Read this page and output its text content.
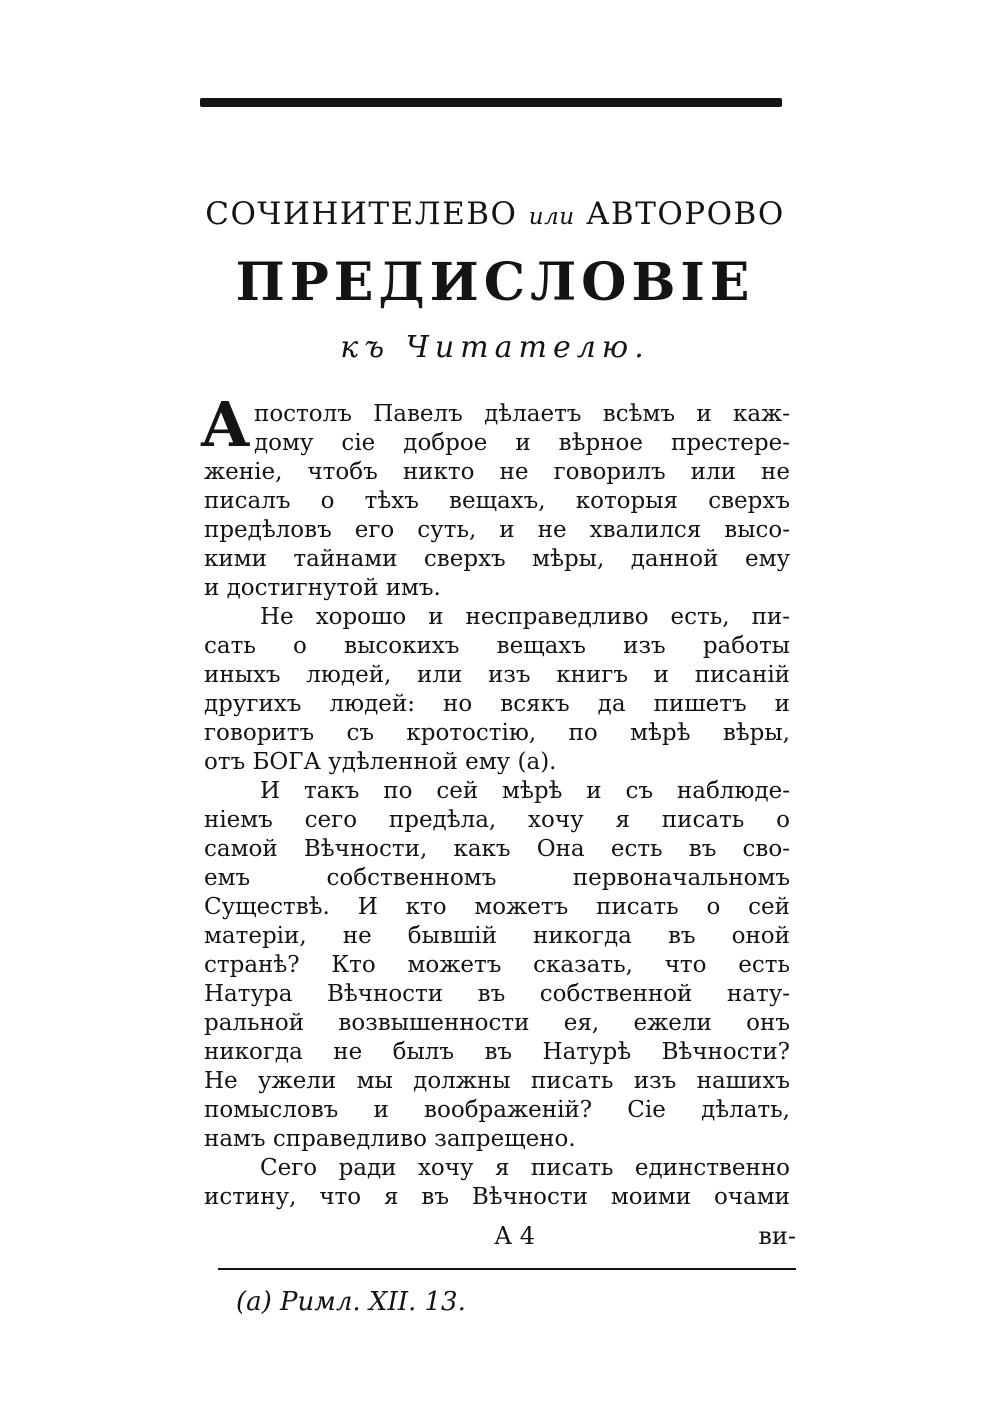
СОЧИНИТЕЛЕВО или АВТОРОВО
ПРЕДИСЛОВІЕ
къ Читателю.
А постолъ Павелъ дѣлаетъ всѣмъ и каж-
дому сіе доброе и вѣрное престере-
женіе, чтобъ никто не говорилъ или не
писалъ о тѣхъ вещахъ, которыя сверхъ
предѣловъ его суть, и не хвалился высо-
кими тайнами сверхъ мѣры, данной ему
и достигнутой имъ.
Не хорошо и несправедливо есть, пи-
сать о высокихъ вещахъ изъ работы
иныхъ людей, или изъ книгъ и писаній
другихъ людей: но всякъ да пишетъ и
говоритъ съ кротостію, по мѣрѣ вѣры,
отъ БОГА удѣленной ему (а).
И такъ по сей мѣрѣ и съ наблюде-
ніемъ сего предѣла, хочу я писать о
самой Вѣчности, какъ Она есть въ сво-
емъ собственномъ первоначальномъ
Существѣ. И кто можетъ писать о сей
матеріи, не бывшій никогда въ оной
странѣ? Кто можетъ сказать, что есть
Натура Вѣчности въ собственной нату-
ральной возвышенности ея, ежели онъ
никогда не былъ въ Натурѣ Вѣчности?
Не ужели мы должны писать изъ нашихъ
помысловъ и воображеній? Сіе дѣлать,
намъ справедливо запрещено.
Сего ради хочу я писать единственно
истину, что я въ Вѣчности моими очами
А 4	ви-
(а) Римл. XII. 13.
